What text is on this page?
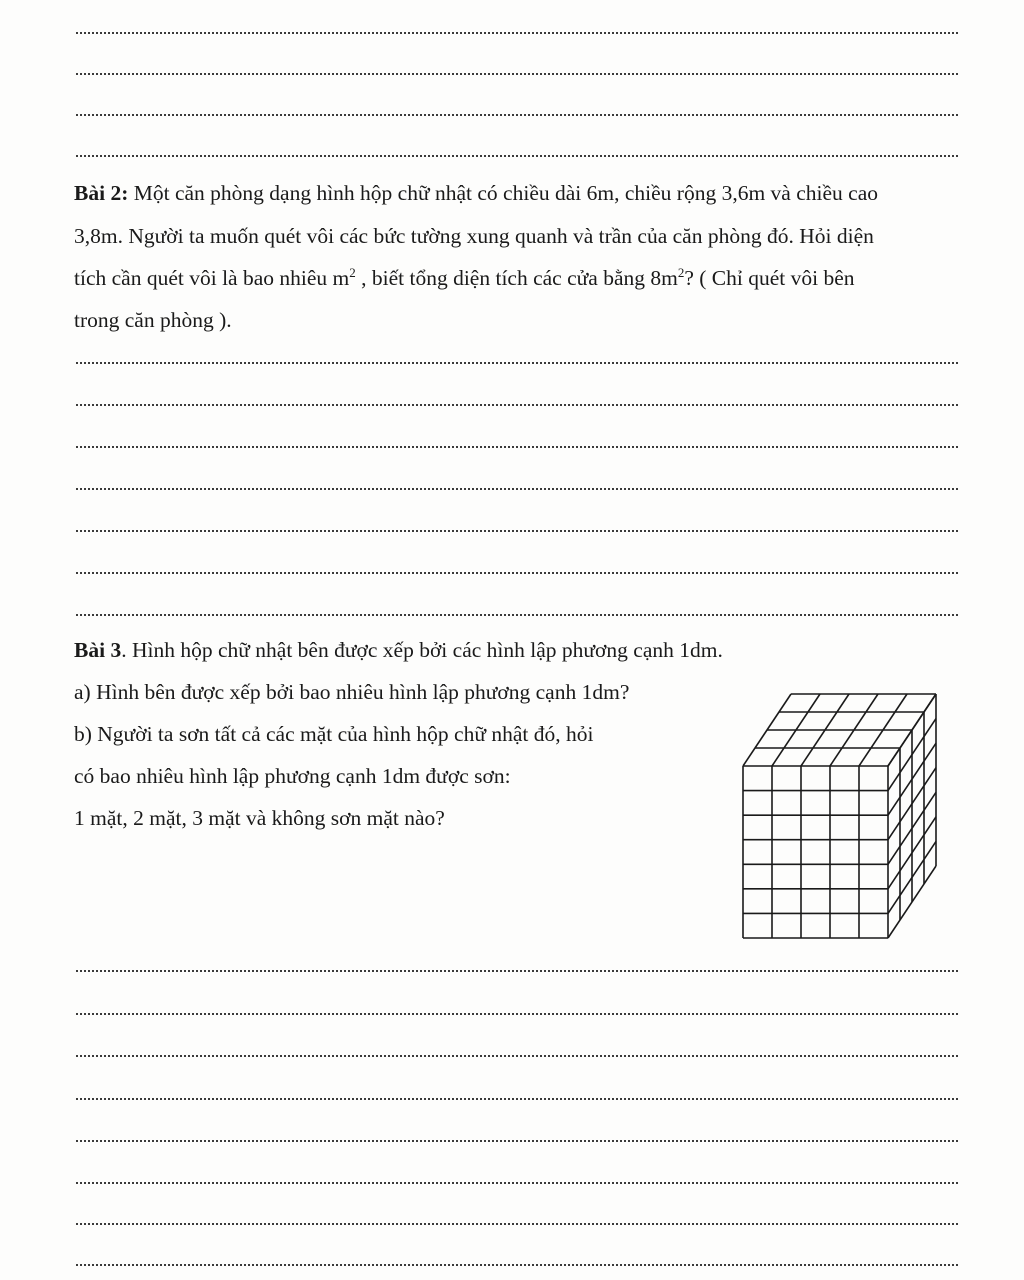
Bài 2:
Một căn phòng dạng hình hộp chữ nhật có chiều dài 6m, chiều rộng 3,6m và chiều cao
3,8m. Người ta muốn quét vôi các bức tường xung quanh và trần của căn phòng đó. Hỏi diện
tích cần quét vôi là bao nhiêu $m^2$ , biết tổng diện tích các cửa bằng $8m^2$? ( Chỉ quét vôi bên
trong căn phòng ).
Bài 3. Hình hộp chữ nhật bên được xếp bởi các hình lập phương cạnh 1dm.
a) Hình bên được xếp bởi bao nhiêu hình lập phương cạnh 1dm?
b) Người ta sơn tất cả các mặt của hình hộp chữ nhật đó, hỏi
có bao nhiêu hình lập phương cạnh 1dm được sơn:
1 mặt, 2 mặt, 3 mặt và không sơn mặt nào?
